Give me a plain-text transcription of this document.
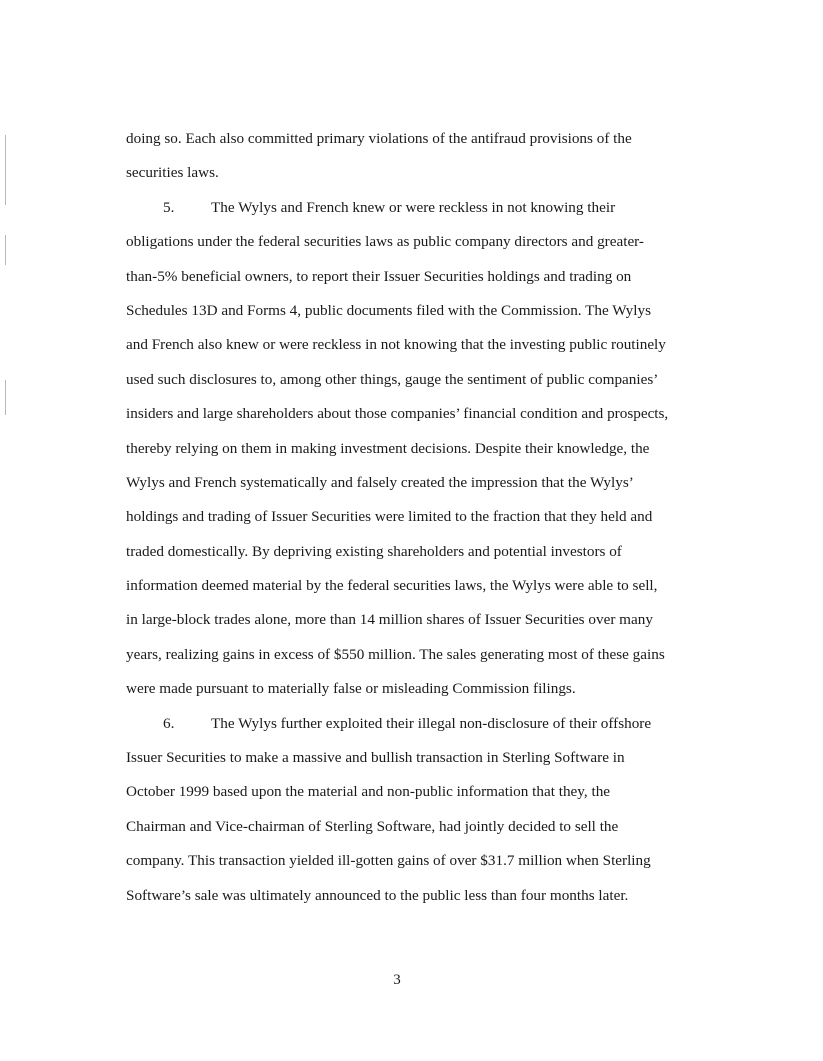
doing so. Each also committed primary violations of the antifraud provisions of the
securities laws.
5. The Wylys and French knew or were reckless in not knowing their
obligations under the federal securities laws as public company directors and greater-
than-5% beneficial owners, to report their Issuer Securities holdings and trading on
Schedules 13D and Forms 4, public documents filed with the Commission. The Wylys
and French also knew or were reckless in not knowing that the investing public routinely
used such disclosures to, among other things, gauge the sentiment of public companies’
insiders and large shareholders about those companies’ financial condition and prospects,
thereby relying on them in making investment decisions. Despite their knowledge, the
Wylys and French systematically and falsely created the impression that the Wylys’
holdings and trading of Issuer Securities were limited to the fraction that they held and
traded domestically. By depriving existing shareholders and potential investors of
information deemed material by the federal securities laws, the Wylys were able to sell,
in large-block trades alone, more than 14 million shares of Issuer Securities over many
years, realizing gains in excess of $550 million. The sales generating most of these gains
were made pursuant to materially false or misleading Commission filings.
6. The Wylys further exploited their illegal non-disclosure of their offshore
Issuer Securities to make a massive and bullish transaction in Sterling Software in
October 1999 based upon the material and non-public information that they, the
Chairman and Vice-chairman of Sterling Software, had jointly decided to sell the
company. This transaction yielded ill-gotten gains of over $31.7 million when Sterling
Software’s sale was ultimately announced to the public less than four months later.
3
